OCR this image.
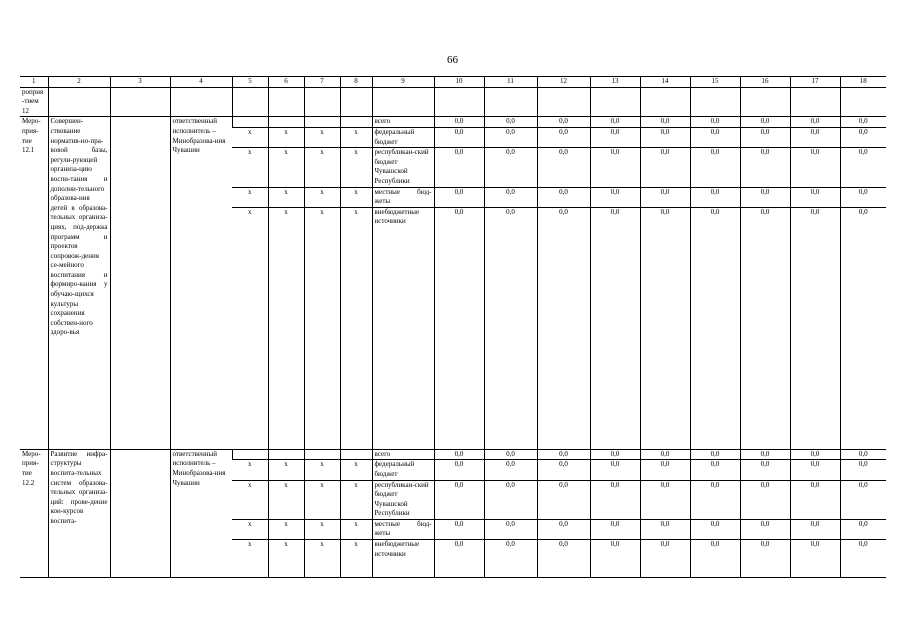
66
1	2	3	4	5	6	7	8	9	10	11	12	13	14	15	16	17	18
роприя-тием 12																	
Меро-прия-тие 12.1	Совершен-ствование норматив-но-пра-вовой базы, регули-рующей организа-цию воспи-тания и дополни-тельного образова-ния детей в образова-тельных организа-циях, под-держка программ и проектов сопровож-дения се-мейного воспитания и формиро-вания у обучаю-щихся культуры сохранения собствен-ного здоро-вья		ответственный исполнитель – Минобразова-ния Чувашии					всего	0,0	0,0	0,0	0,0	0,0	0,0	0,0	0,0	0,0
				х	х	х	х	федеральный бюджет	0,0	0,0	0,0	0,0	0,0	0,0	0,0	0,0	0,0
				х	х	х	х	республикан-ский бюджет Чувашской Республики	0,0	0,0	0,0	0,0	0,0	0,0	0,0	0,0	0,0
				х	х	х	х	местные бюд-жеты	0,0	0,0	0,0	0,0	0,0	0,0	0,0	0,0	0,0
				х	х	х	х	внебюджетные источники	0,0	0,0	0,0	0,0	0,0	0,0	0,0	0,0	0,0
Меро-прия-тие 12.2	Развитие инфра-структуры воспита-тельных систем образова-тельных организа-ций: прове-дение кон-курсов воспита-		ответственный исполнитель – Минобразова-ния Чувашии					всего	0,0	0,0	0,0	0,0	0,0	0,0	0,0	0,0	0,0
				х	х	х	х	федеральный бюджет	0,0	0,0	0,0	0,0	0,0	0,0	0,0	0,0	0,0
				х	х	х	х	республикан-ский бюджет Чувашской Республики	0,0	0,0	0,0	0,0	0,0	0,0	0,0	0,0	0,0
				х	х	х	х	местные бюд-жеты	0,0	0,0	0,0	0,0	0,0	0,0	0,0	0,0	0,0
				х	х	х	х	внебюджетные источники	0,0	0,0	0,0	0,0	0,0	0,0	0,0	0,0	0,0
